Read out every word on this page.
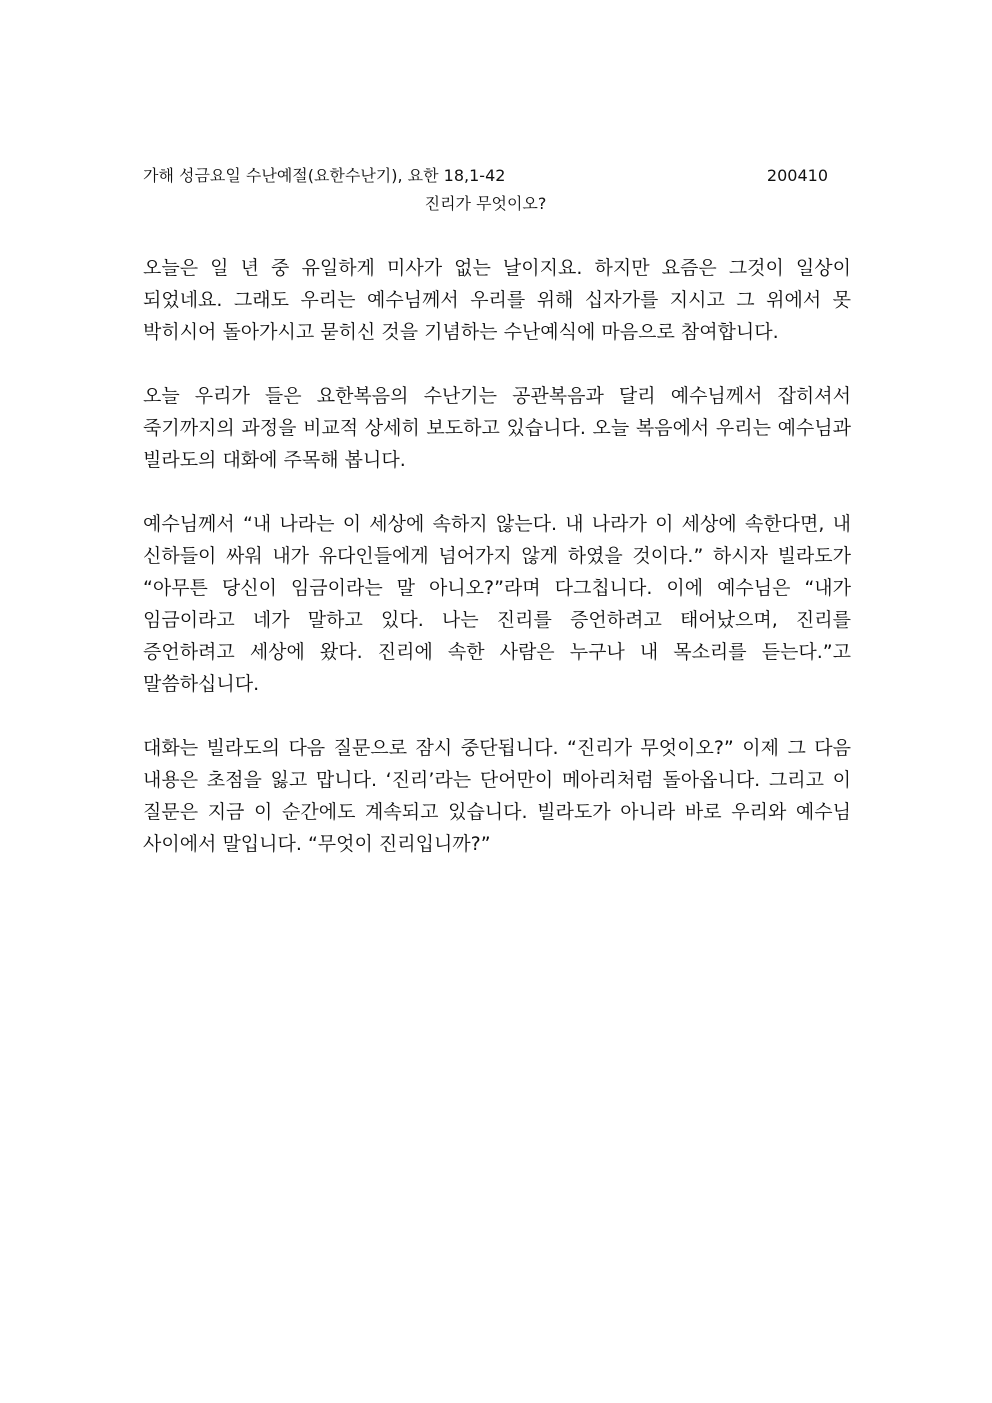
가해 성금요일 수난예절(요한수난기), 요한 18,1-42	200410
진리가 무엇이오?

오늘은 일 년 중 유일하게 미사가 없는 날이지요. 하지만 요즘은 그것이 일상이 되었네요. 그래도 우리는 예수님께서 우리를 위해 십자가를 지시고 그 위에서 못 박히시어 돌아가시고 묻히신 것을 기념하는 수난예식에 마음으로 참여합니다.

오늘 우리가 들은 요한복음의 수난기는 공관복음과 달리 예수님께서 잡히셔서 죽기까지의 과정을 비교적 상세히 보도하고 있습니다. 오늘 복음에서 우리는 예수님과 빌라도의 대화에 주목해 봅니다.

예수님께서 “내 나라는 이 세상에 속하지 않는다. 내 나라가 이 세상에 속한다면, 내 신하들이 싸워 내가 유다인들에게 넘어가지 않게 하였을 것이다.” 하시자 빌라도가 “아무튼 당신이 임금이라는 말 아니오?”라며 다그칩니다. 이에 예수님은 “내가 임금이라고 네가 말하고 있다. 나는 진리를 증언하려고 태어났으며, 진리를 증언하려고 세상에 왔다. 진리에 속한 사람은 누구나 내 목소리를 듣는다.”고 말씀하십니다.

대화는 빌라도의 다음 질문으로 잠시 중단됩니다. “진리가 무엇이오?” 이제 그 다음 내용은 초점을 잃고 맙니다. ‘진리’라는 단어만이 메아리처럼 돌아옵니다. 그리고 이 질문은 지금 이 순간에도 계속되고 있습니다. 빌라도가 아니라 바로 우리와 예수님 사이에서 말입니다. “무엇이 진리입니까?”
